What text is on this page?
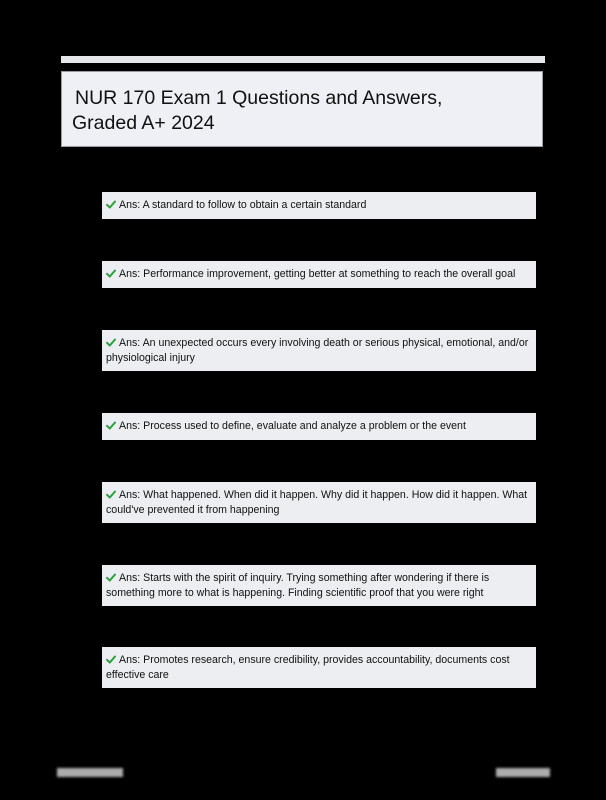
NUR 170 Exam 1 Questions and Answers,
Graded A+ 2024
Ans: A standard to follow to obtain a certain standard
Ans: Performance improvement, getting better at something to reach the overall goal
Ans: An unexpected occurs every involving death or serious physical, emotional, and/or physiological injury
Ans: Process used to define, evaluate and analyze a problem or the event
Ans: What happened. When did it happen. Why did it happen. How did it happen. What could've prevented it from happening
Ans: Starts with the spirit of inquiry. Trying something after wondering if there is something more to what is happening. Finding scientific proof that you were right
Ans: Promotes research, ensure credibility, provides accountability, documents cost effective care
